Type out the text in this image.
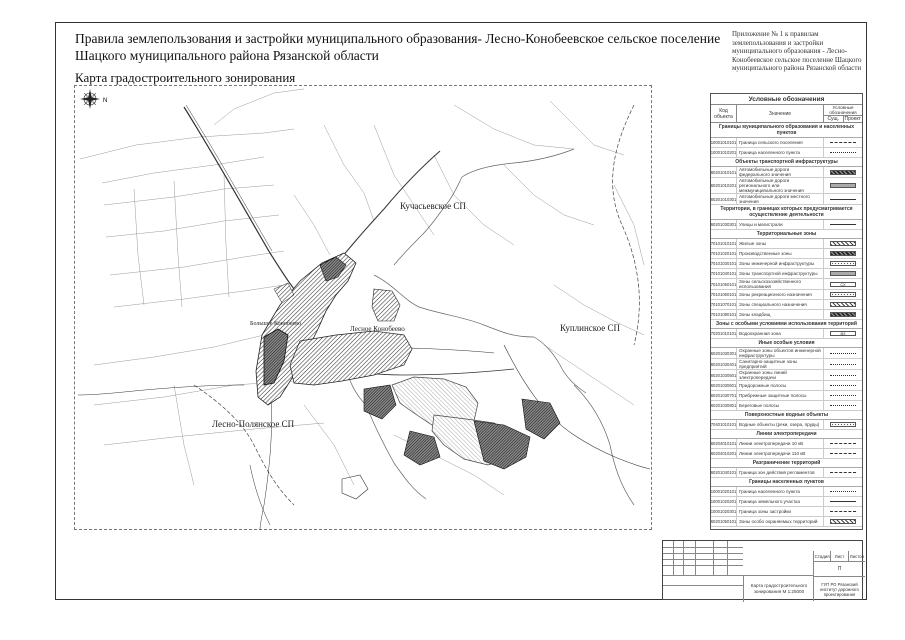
Правила землепользования и застройки муниципального образования- Лесно-Конобеевское сельское поселение
Шацкого муниципального района Рязанской области
Карта градостроительного зонирования
Приложение № 1 к правилам землепользования и застройки муниципального образования - Лесно-Конобеевское сельское поселение Шацкого муниципального района Рязанской области
N
Кучасьевское СП
Куплинское СП
Лесно-Полянское СП
Лесное Конобеево
Большое Конобеево
Условные обозначения
Код объекта	Значение
Условные обозначения
Сущ.	Проект
Границы муниципального образования и населенных пунктов
10001010101 Граница сельского поселения
10001010201 Граница населенного пункта
Объекты транспортной инфраструктуры
60201010101 Автомобильные дороги федерального значения
60201010201
Автомобильные дороги регионального или межмуниципального значения
60201010301 Автомобильные дороги местного значения
Территории, в границах которых предусматривается осуществление деятельности
60201030301 Улицы и магистрали
Территориальные зоны
70101010101 Жилые зоны
70101020101 Производственные зоны
70101030101 Зоны инженерной инфраструктуры
70101040101 Зоны транспортной инфраструктуры
70101050101 Зоны сельскохозяйственного использования	СХ
70101060101 Зоны рекреационного назначения
70101070101 Зоны специального назначения
70101080101 Зоны кладбищ
Зоны с особыми условиями использования территорий
70201010101 Водоохранная зона	ВЗ
Иные особые условия
60201030301 Охранные зоны объектов инженерной инфраструктуры
60201030401 Санитарно-защитные зоны предприятий
60201030501 Охранные зоны линий электропередачи
60201030601 Придорожные полосы
60201030701 Прибрежные защитные полосы
60201030801 Береговые полосы
Поверхностные водные объекты
70401010101 Водные объекты (реки, озера, пруды)
Линии электропередачи
60204010101 Линии электропередачи 10 кВ
60204010201 Линии электропередачи 110 кВ
Разграничение территорий
60201040101 Граница зон действия регламентов
Границы населенных пунктов
10001020101 Граница населенного пункта
10001020201 Граница земельного участка
10001020301 Граница зоны застройки
60201050101 Зоны особо охраняемых территорий
Карта градостроительного зонирования М 1:25000
Стадия	Лист	Листов
П
ГУП РО Рязанский институт дорожного проектирования
